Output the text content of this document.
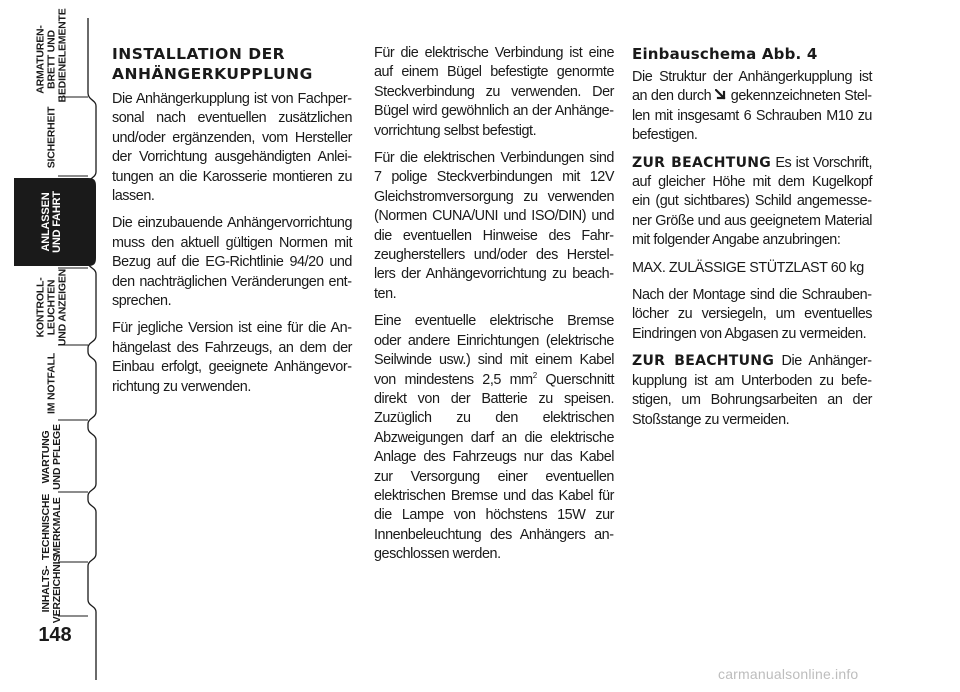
ARMATUREN-
BRETT UND
BEDIENELEMENTE
SICHERHEIT
ANLASSEN
UND FAHRT
KONTROLL-
LEUCHTEN
UND ANZEIGEN
IM NOTFALL
WARTUNG
UND PFLEGE
TECHNISCHE
MERKMALE
INHALTS-
VERZEICHNIS
148
INSTALLATION DER ANHÄNGERKUPPLUNG

Die Anhängerkupplung ist von Fachpersonal nach eventuellen zusätzlichen und/oder ergänzenden, vom Hersteller der Vorrichtung ausgehändigten Anleitungen an die Karosserie montieren zu lassen.

Die einzubauende Anhängervorrichtung muss den aktuell gültigen Normen mit Bezug auf die EG-Richtlinie 94/20 und den nachträglichen Veränderungen entsprechen.

Für jegliche Version ist eine für die Anhängelast des Fahrzeugs, an dem der Einbau erfolgt, geeignete Anhängevorrichtung zu verwenden.

Für die elektrische Verbindung ist eine auf einem Bügel befestigte genormte Steckverbindung zu verwenden. Der Bügel wird gewöhnlich an der Anhängevorrichtung selbst befestigt.

Für die elektrischen Verbindungen sind 7 polige Steckverbindungen mit 12V Gleichstromversorgung zu verwenden (Normen CUNA/UNI und ISO/DIN) und die eventuellen Hinweise des Fahrzeugherstellers und/oder des Herstellers der Anhängevorrichtung zu beachten.

Eine eventuelle elektrische Bremse oder andere Einrichtungen (elektrische Seilwinde usw.) sind mit einem Kabel von mindestens 2,5 $mm^2$ Querschnitt direkt von der Batterie zu speisen. Zuzüglich zu den elektrischen Abzweigungen darf an die elektrische Anlage des Fahrzeugs nur das Kabel zur Versorgung einer eventuellen elektrischen Bremse und das Kabel für die Lampe von höchstens 15W zur Innenbeleuchtung des Anhängers angeschlossen werden.

Einbauschema Abb. 4

Die Struktur der Anhängerkupplung ist an den durch  gekennzeichneten Stellen mit insgesamt 6 Schrauben M10 zu befestigen.

ZUR BEACHTUNG Es ist Vorschrift, auf gleicher Höhe mit dem Kugelkopf ein (gut sichtbares) Schild angemessener Größe und aus geeignetem Material mit folgender Angabe anzubringen:

MAX. ZULÄSSIGE STÜTZLAST 60 kg

Nach der Montage sind die Schraubenlöcher zu versiegeln, um eventuelles Eindringen von Abgasen zu vermeiden.

ZUR BEACHTUNG Die Anhängerkupplung ist am Unterboden zu befestigen, um Bohrungsarbeiten an der Stoßstange zu vermeiden.

carmanualsonline.info
